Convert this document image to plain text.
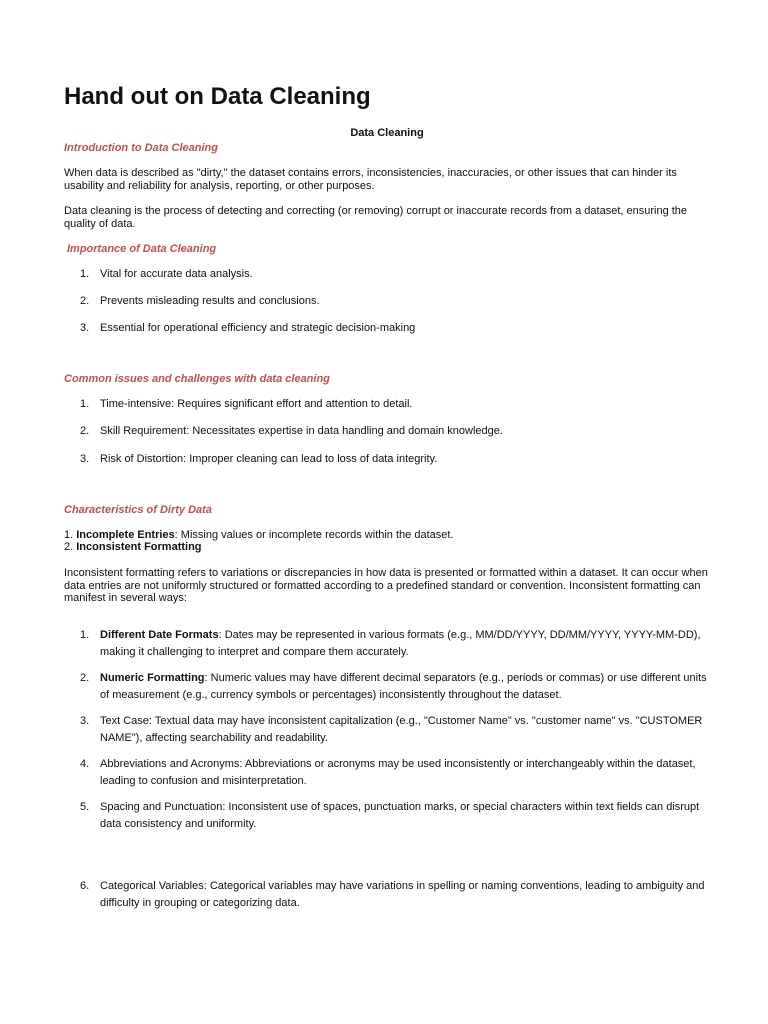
Hand out on Data Cleaning

Data Cleaning

Introduction to Data Cleaning

When data is described as "dirty," the dataset contains errors, inconsistencies, inaccuracies, or other issues that can hinder its usability and reliability for analysis, reporting, or other purposes.

Data cleaning is the process of detecting and correcting (or removing) corrupt or inaccurate records from a dataset, ensuring the quality of data.

Importance of Data Cleaning

1. Vital for accurate data analysis.
2. Prevents misleading results and conclusions.
3. Essential for operational efficiency and strategic decision-making

Common issues and challenges with data cleaning

1. Time-intensive: Requires significant effort and attention to detail.
2. Skill Requirement: Necessitates expertise in data handling and domain knowledge.
3. Risk of Distortion: Improper cleaning can lead to loss of data integrity.

Characteristics of Dirty Data

1. Incomplete Entries: Missing values or incomplete records within the dataset.

2. Inconsistent Formatting

Inconsistent formatting refers to variations or discrepancies in how data is presented or formatted within a dataset. It can occur when data entries are not uniformly structured or formatted according to a predefined standard or convention. Inconsistent formatting can manifest in several ways:

1. Different Date Formats: Dates may be represented in various formats (e.g., MM/DD/YYYY, DD/MM/YYYY, YYYY-MM-DD), making it challenging to interpret and compare them accurately.
2. Numeric Formatting: Numeric values may have different decimal separators (e.g., periods or commas) or use different units of measurement (e.g., currency symbols or percentages) inconsistently throughout the dataset.
3. Text Case: Textual data may have inconsistent capitalization (e.g., "Customer Name" vs. "customer name" vs. "CUSTOMER NAME"), affecting searchability and readability.
4. Abbreviations and Acronyms: Abbreviations or acronyms may be used inconsistently or interchangeably within the dataset, leading to confusion and misinterpretation.
5. Spacing and Punctuation: Inconsistent use of spaces, punctuation marks, or special characters within text fields can disrupt data consistency and uniformity.
6. Categorical Variables: Categorical variables may have variations in spelling or naming conventions, leading to ambiguity and difficulty in grouping or categorizing data.
